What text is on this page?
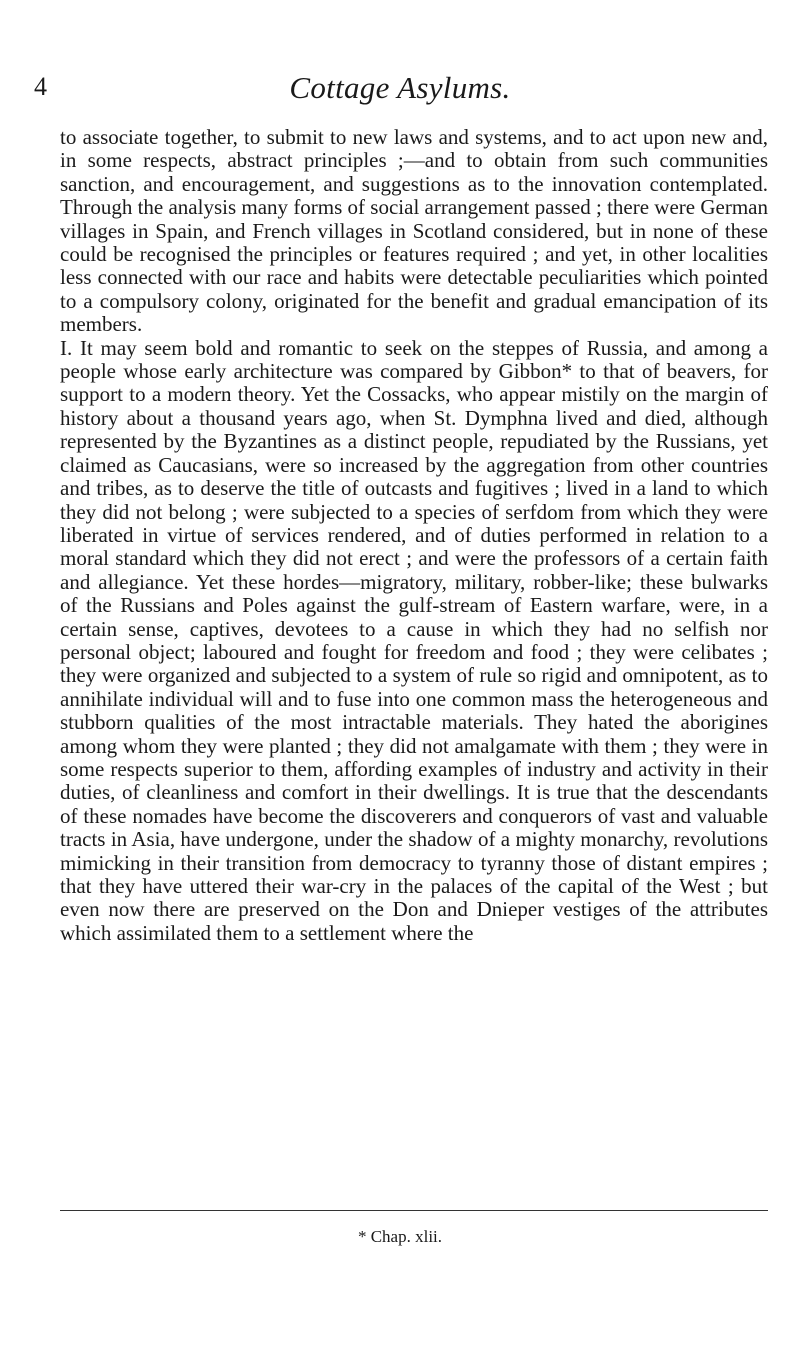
4	Cottage Asylums.

to associate together, to submit to new laws and systems, and to act upon new and, in some respects, abstract principles ;—and to obtain from such communities sanction, and encouragement, and suggestions as to the innovation contemplated. Through the analysis many forms of social arrangement passed ; there were German villages in Spain, and French villages in Scotland considered, but in none of these could be recognised the principles or features required ; and yet, in other localities less connected with our race and habits were detectable peculiarities which pointed to a compulsory colony, originated for the benefit and gradual emancipation of its members.

I. It may seem bold and romantic to seek on the steppes of Russia, and among a people whose early architecture was compared by Gibbon* to that of beavers, for support to a modern theory. Yet the Cossacks, who appear mistily on the margin of history about a thousand years ago, when St. Dymphna lived and died, although represented by the Byzantines as a distinct people, repudiated by the Russians, yet claimed as Caucasians, were so increased by the aggregation from other countries and tribes, as to deserve the title of outcasts and fugitives ; lived in a land to which they did not belong ; were subjected to a species of serfdom from which they were liberated in virtue of services rendered, and of duties performed in relation to a moral standard which they did not erect ; and were the professors of a certain faith and allegiance. Yet these hordes—migratory, military, robber-like; these bulwarks of the Russians and Poles against the gulf-stream of Eastern warfare, were, in a certain sense, captives, devotees to a cause in which they had no selfish nor personal object; laboured and fought for freedom and food ; they were celibates ; they were organized and subjected to a system of rule so rigid and omnipotent, as to annihilate individual will and to fuse into one common mass the heterogeneous and stubborn qualities of the most intractable materials. They hated the aborigines among whom they were planted ; they did not amalgamate with them ; they were in some respects superior to them, affording examples of industry and activity in their duties, of cleanliness and comfort in their dwellings. It is true that the descendants of these nomades have become the discoverers and conquerors of vast and valuable tracts in Asia, have undergone, under the shadow of a mighty monarchy, revolutions mimicking in their transition from democracy to tyranny those of distant empires ; that they have uttered their war-cry in the palaces of the capital of the West ; but even now there are preserved on the Don and Dnieper vestiges of the attributes which assimilated them to a settlement where the

* Chap. xlii.
